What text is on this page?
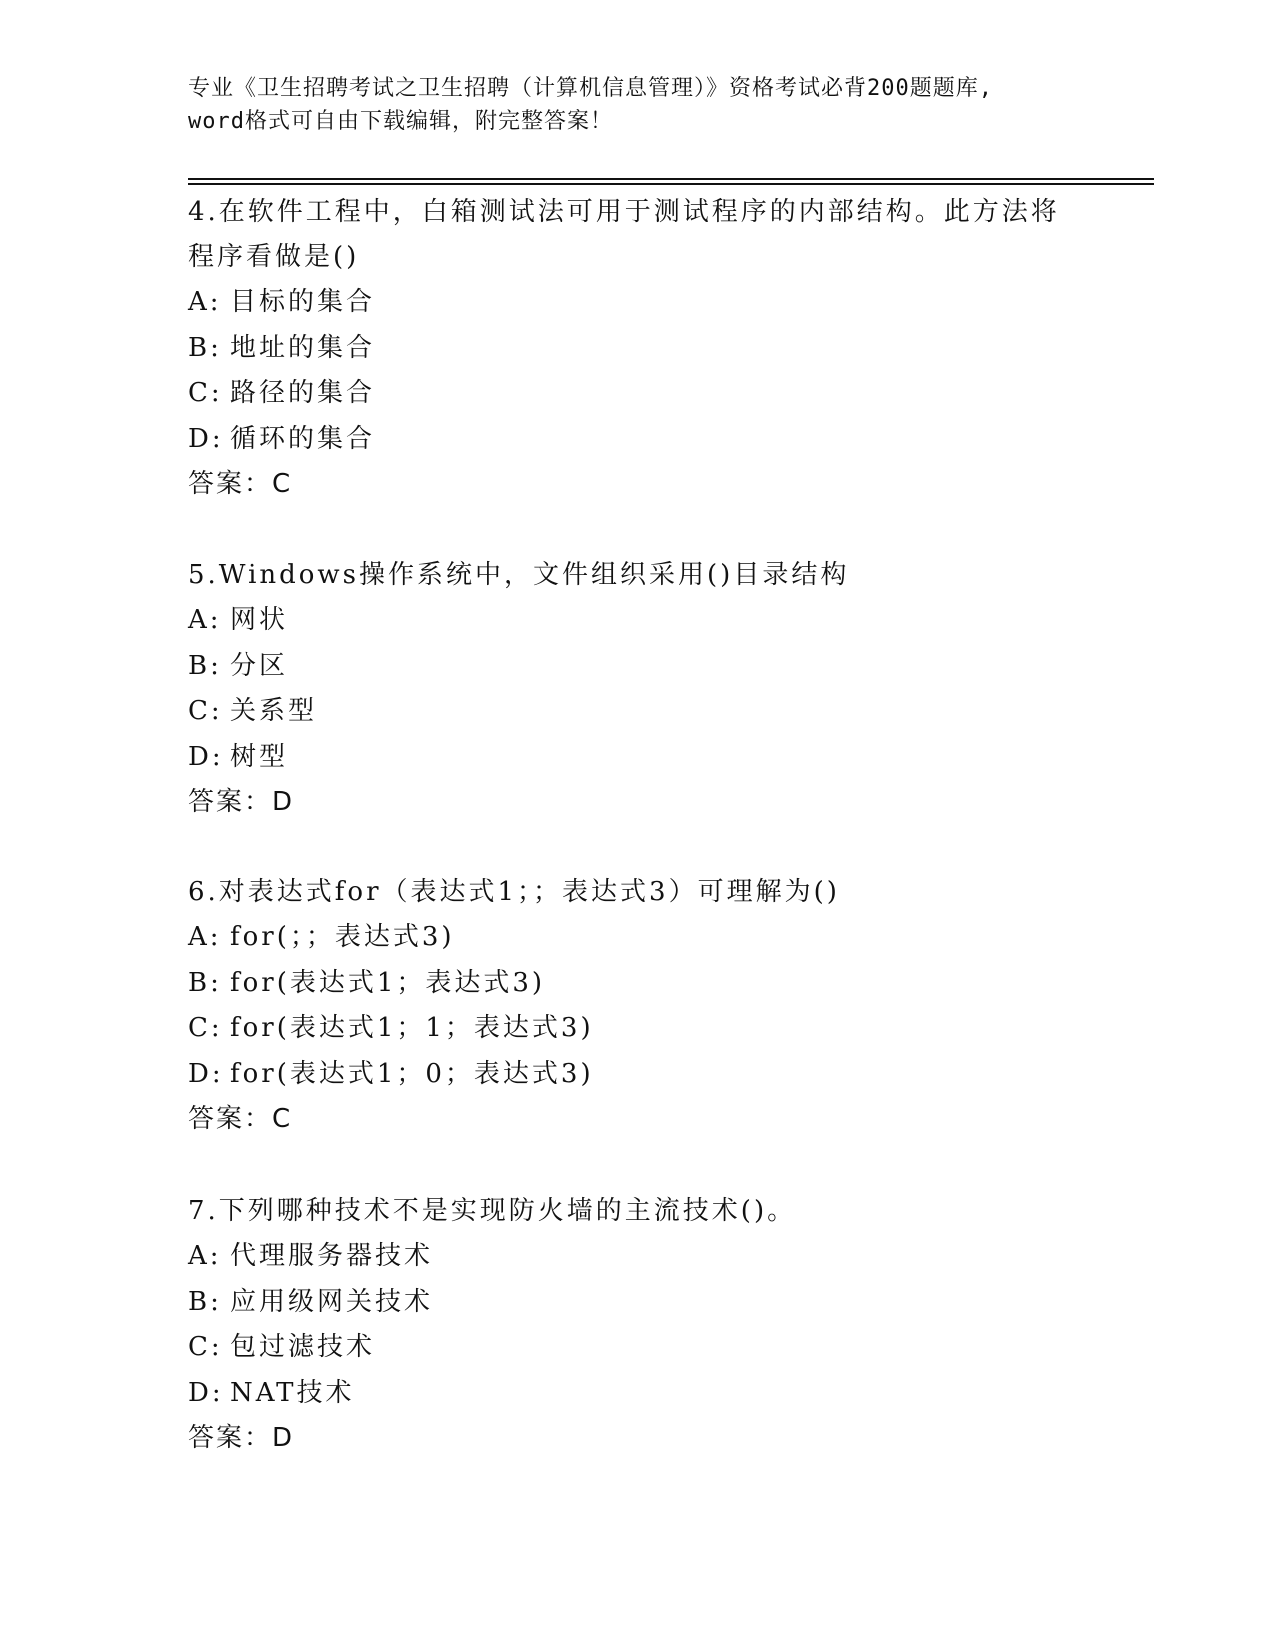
专业《卫生招聘考试之卫生招聘（计算机信息管理）》资格考试必背200题题库,
word格式可自由下载编辑，附完整答案！

4.在软件工程中，白箱测试法可用于测试程序的内部结构。此方法将

程序看做是()

A: 目标的集合

B: 地址的集合

C: 路径的集合

D: 循环的集合

答案：C

5.Windows操作系统中，文件组织采用()目录结构

A: 网状

B: 分区

C: 关系型

D: 树型

答案：D

6.对表达式for（表达式1；；表达式3）可理解为()

A: for(；；表达式3)

B: for(表达式1；表达式3)

C: for(表达式1；1；表达式3)

D: for(表达式1；0；表达式3)

答案：C

7.下列哪种技术不是实现防火墙的主流技术()。

A: 代理服务器技术

B: 应用级网关技术

C: 包过滤技术

D: NAT技术

答案：D
